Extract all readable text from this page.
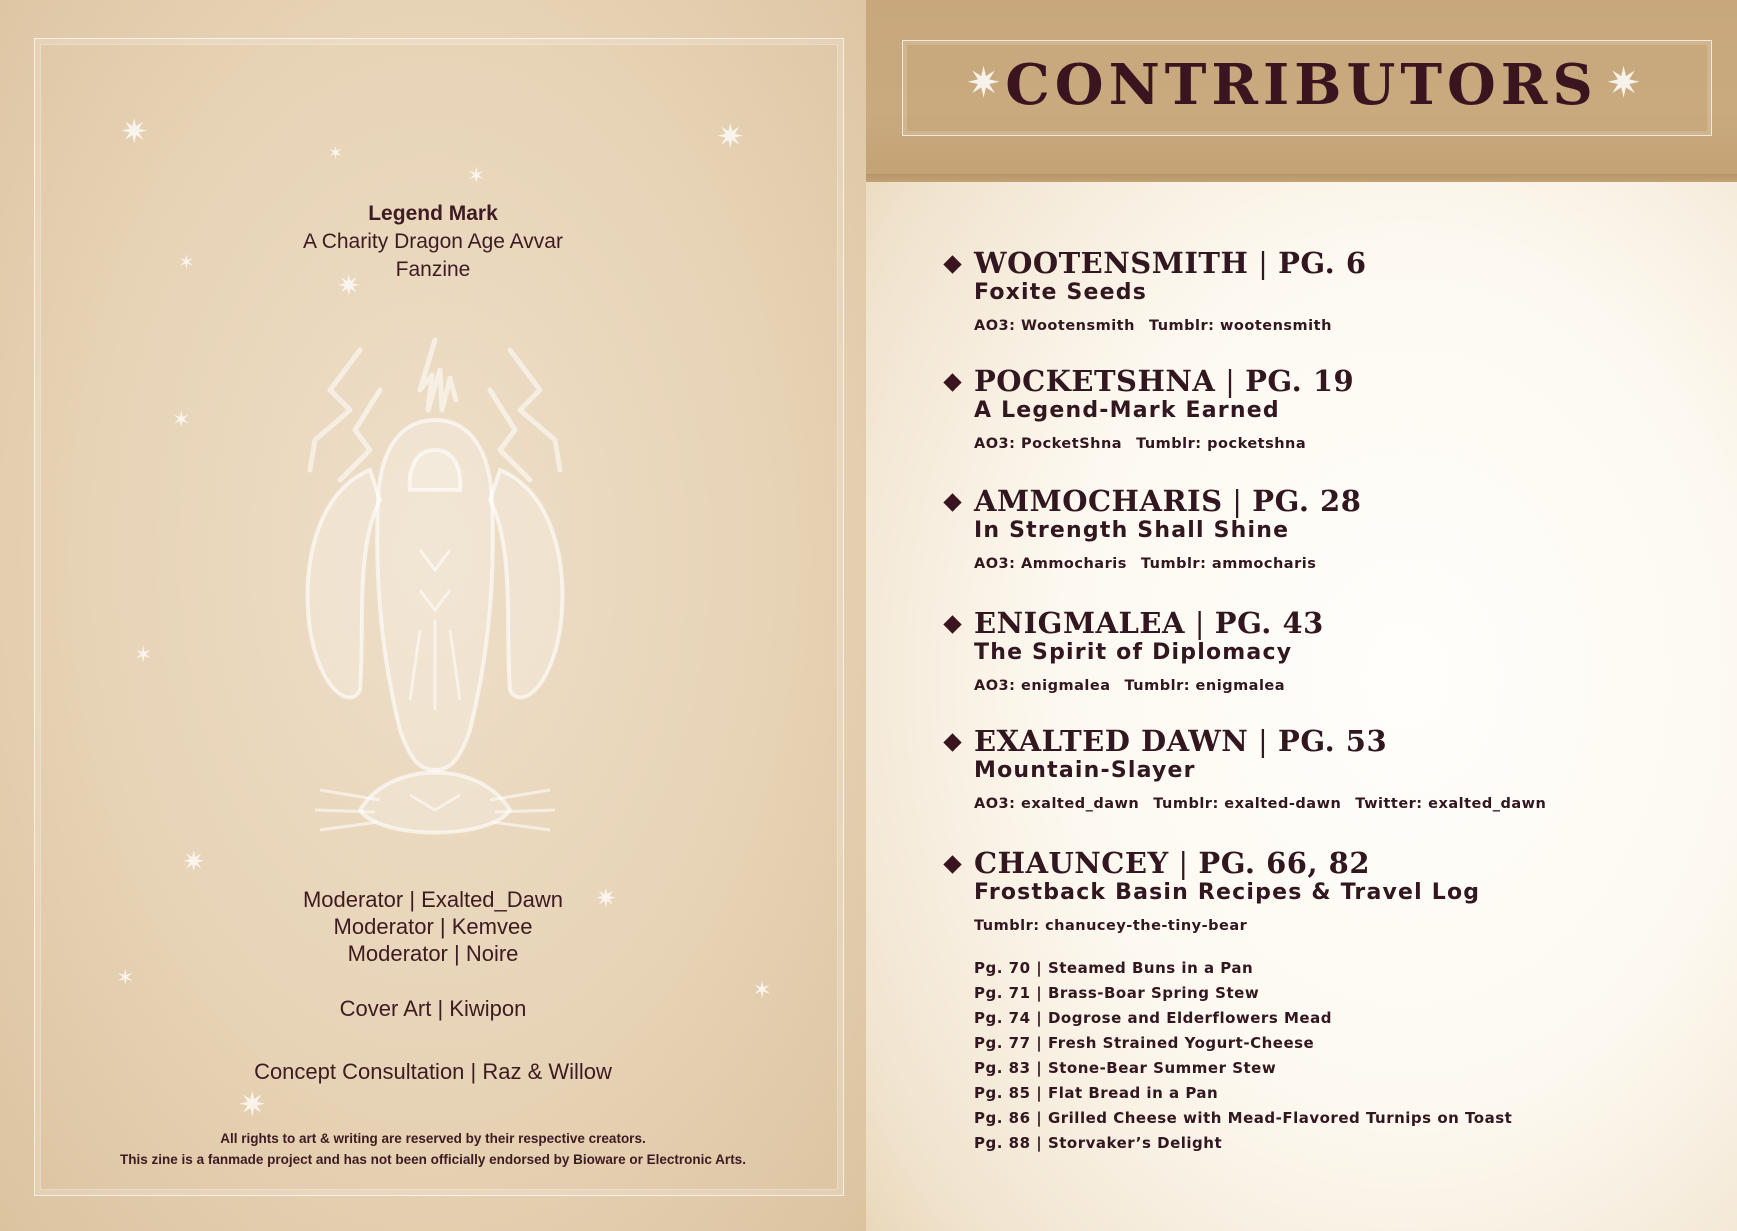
✷
✶
✶
✷
✶
✷
✶
✶
✷
✷
✶	✶
✷
Legend Mark
A Charity Dragon Age Avvar
Fanzine
Moderator | Exalted_Dawn
Moderator | Kemvee
Moderator | Noire
Cover Art | Kiwipon
Concept Consultation | Raz & Willow
All rights to art & writing are reserved by their respective creators.
This zine is a fanmade project and has not been officially endorsed by Bioware or Electronic Arts.
✷ CONTRIBUTORS ✷
WOOTENSMITH | PG. 6
Foxite Seeds
AO3: Wootensmith Tumblr: wootensmith
POCKETSHNA | PG. 19
A Legend-Mark Earned
AO3: PocketShna Tumblr: pocketshna
AMMOCHARIS | PG. 28
In Strength Shall Shine
AO3: Ammocharis Tumblr: ammocharis
ENIGMALEA | PG. 43
The Spirit of Diplomacy
AO3: enigmalea Tumblr: enigmalea
EXALTED DAWN | PG. 53
Mountain-Slayer
AO3: exalted_dawn Tumblr: exalted-dawn Twitter: exalted_dawn
CHAUNCEY | PG. 66, 82
Frostback Basin Recipes & Travel Log
Tumblr: chanucey-the-tiny-bear
Pg. 70 | Steamed Buns in a Pan
Pg. 71 | Brass-Boar Spring Stew
Pg. 74 | Dogrose and Elderflowers Mead
Pg. 77 | Fresh Strained Yogurt-Cheese
Pg. 83 | Stone-Bear Summer Stew
Pg. 85 | Flat Bread in a Pan
Pg. 86 | Grilled Cheese with Mead-Flavored Turnips on Toast
Pg. 88 | Storvaker’s Delight
